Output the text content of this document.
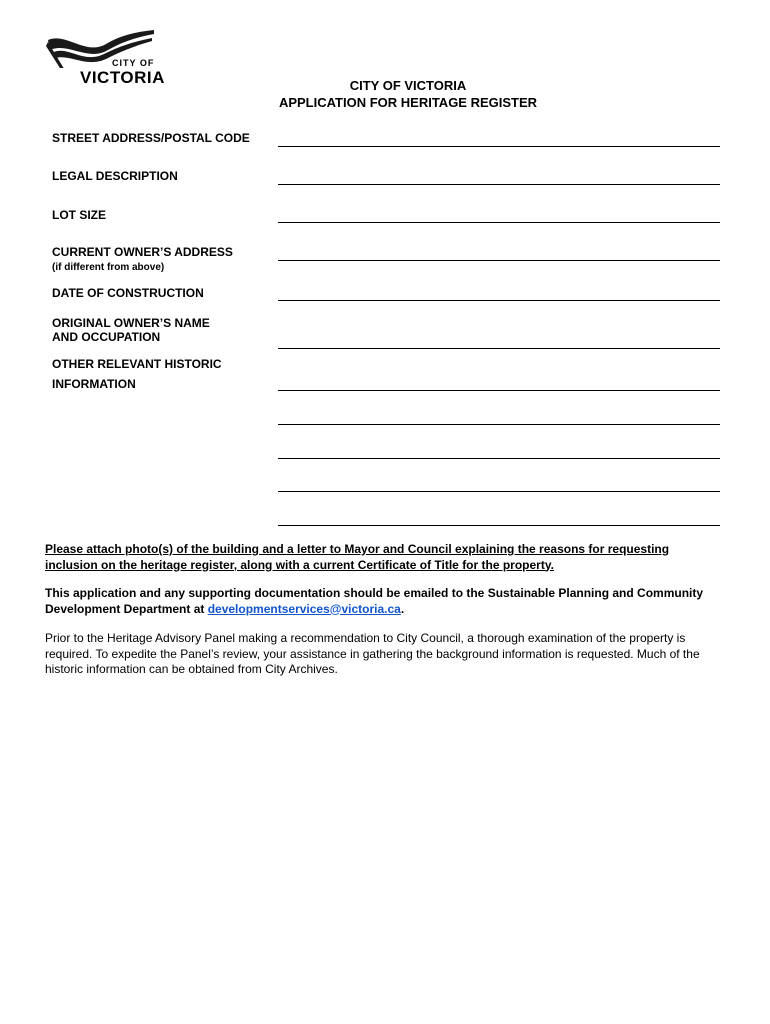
CITY OF
VICTORIA	CITY OF VICTORIA
APPLICATION FOR HERITAGE REGISTER
STREET ADDRESS/POSTAL CODE
LEGAL DESCRIPTION
LOT SIZE
CURRENT OWNER’S ADDRESS
(if different from above)
DATE OF CONSTRUCTION
ORIGINAL OWNER’S NAME
AND OCCUPATION
OTHER RELEVANT HISTORIC
INFORMATION
Please attach photo(s) of the building and a letter to Mayor and Council explaining the reasons for requesting inclusion on the heritage register, along with a current Certificate of Title for the property.
This application and any supporting documentation should be emailed to the Sustainable Planning and Community Development Department at developmentservices@victoria.ca.
Prior to the Heritage Advisory Panel making a recommendation to City Council, a thorough examination of the property is required. To expedite the Panel’s review, your assistance in gathering the background information is requested. Much of the historic information can be obtained from City Archives.
